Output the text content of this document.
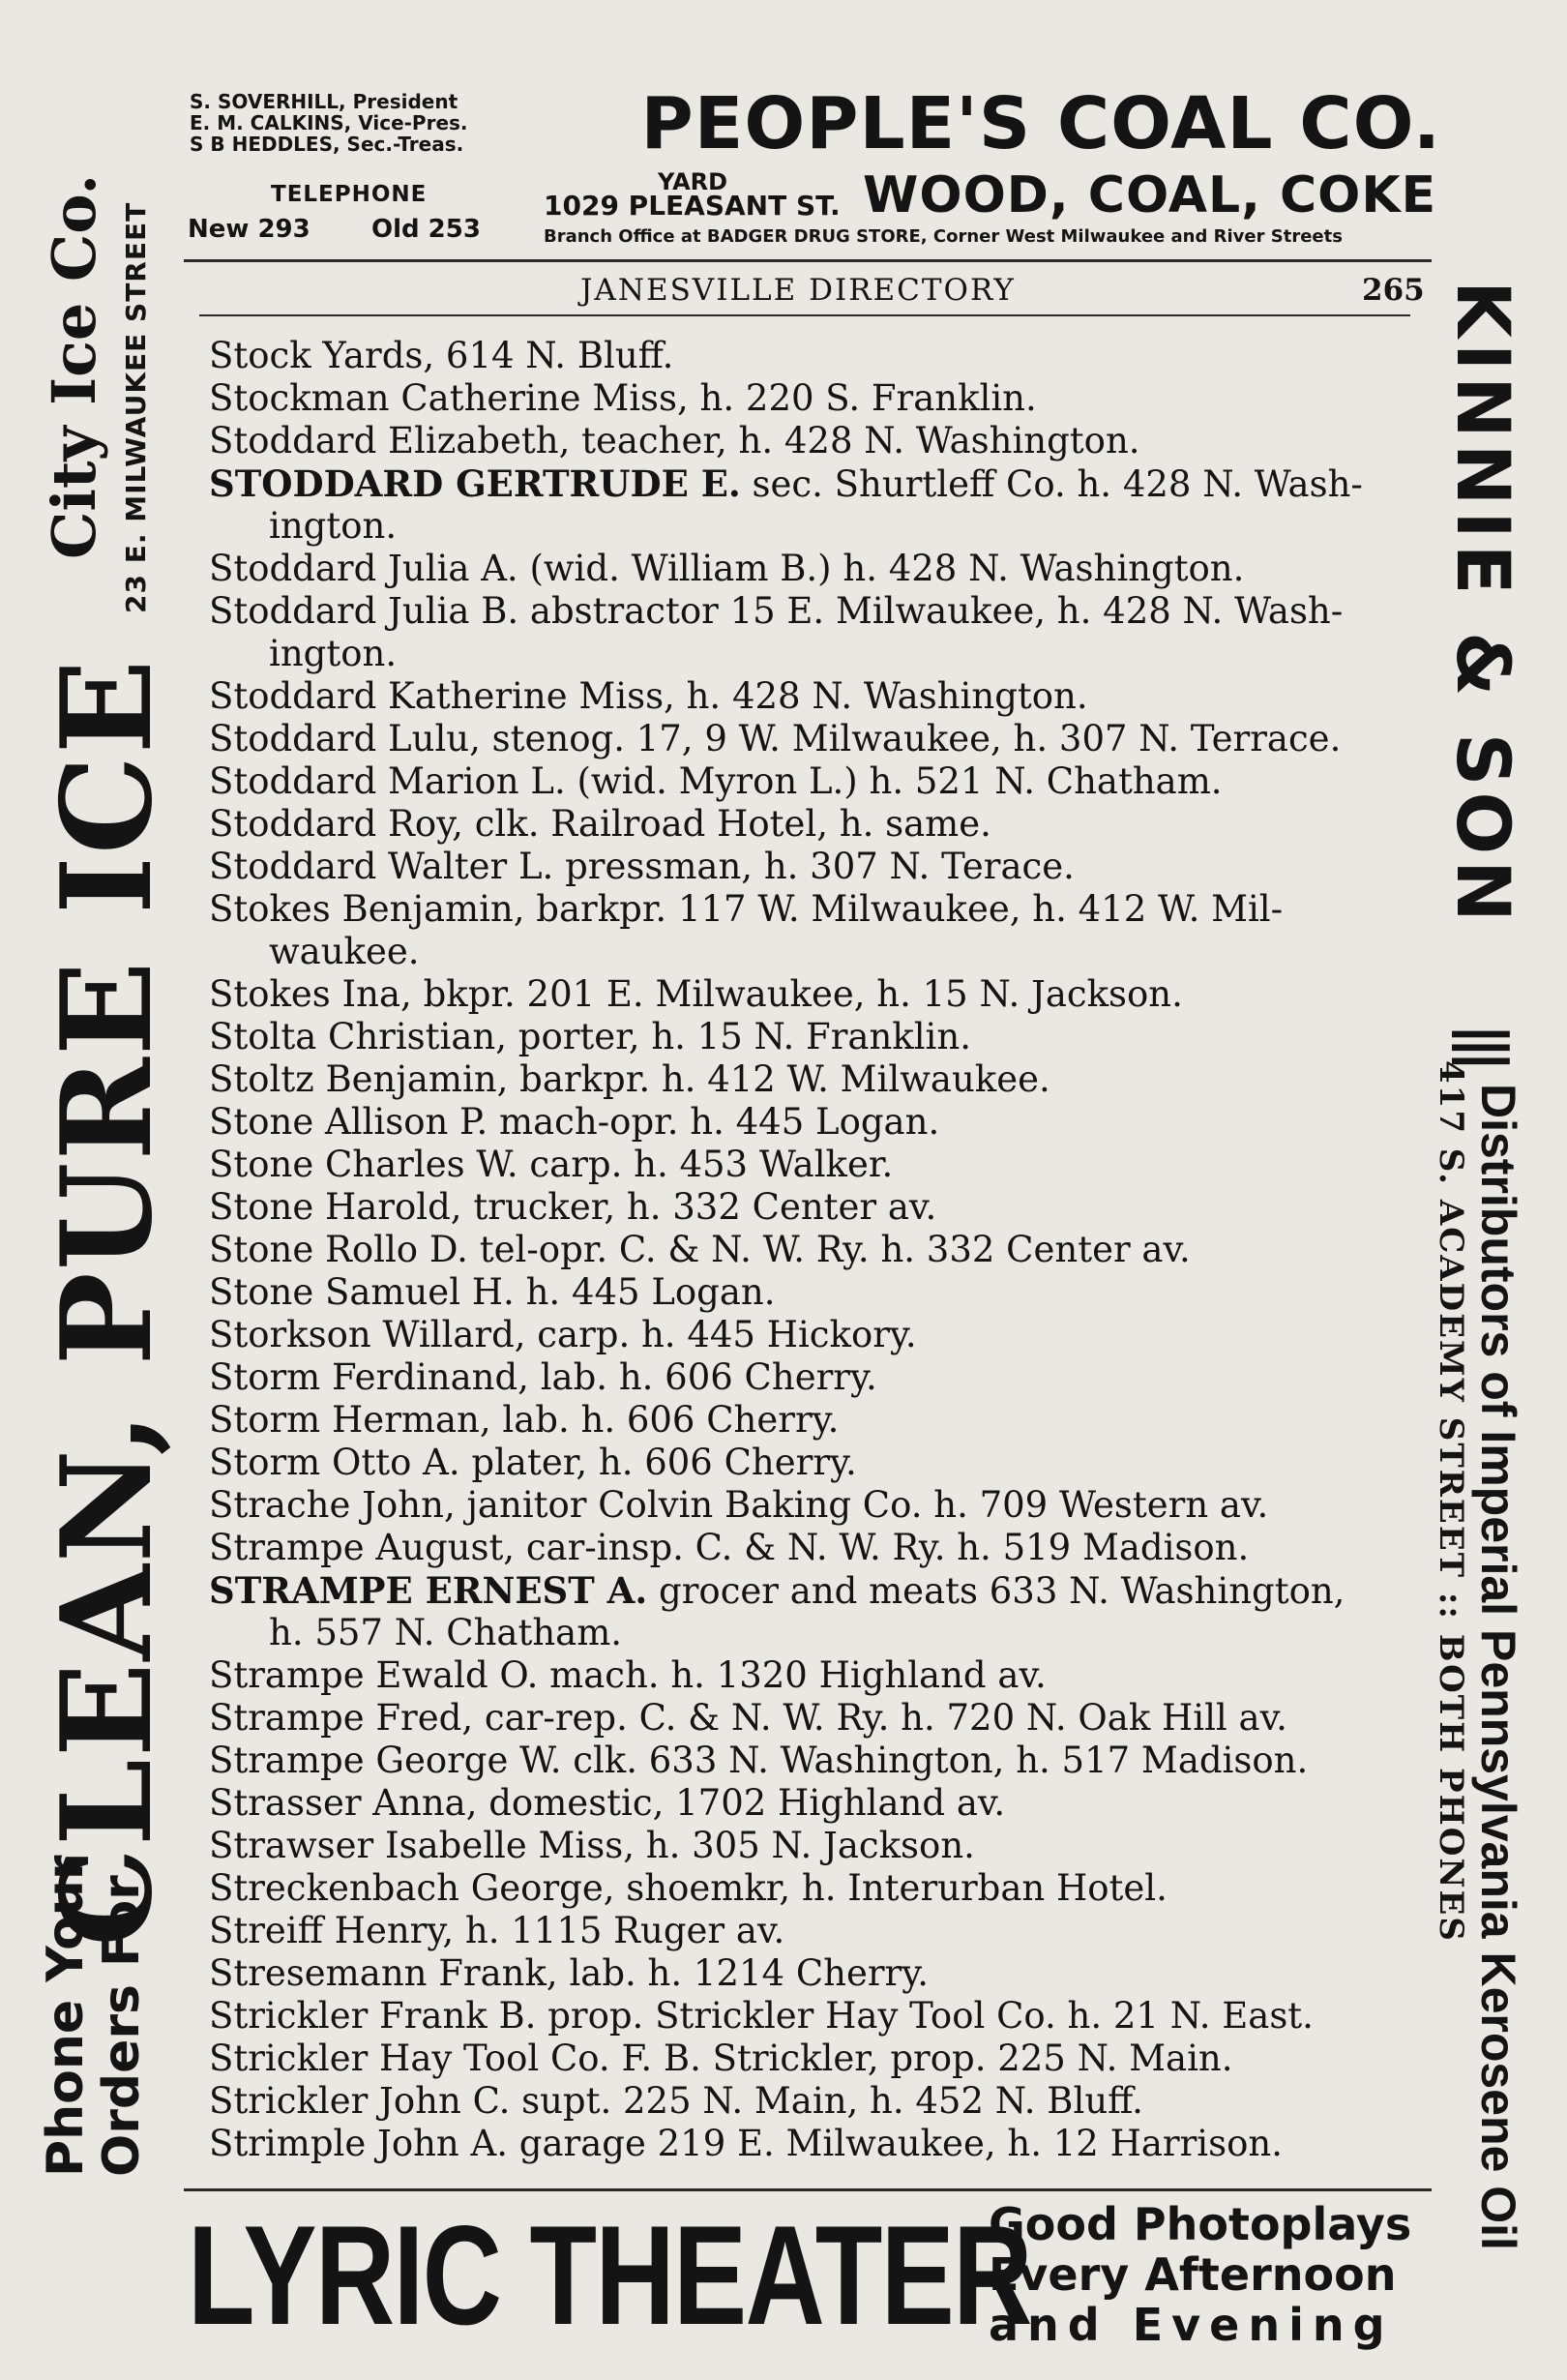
S. SOVERHILL, President
E. M. CALKINS, Vice-Pres.
S B HEDDLES, Sec.-Treas.
TELEPHONE
New 293 Old 253
PEOPLE'S COAL CO.
YARD
1029 PLEASANT ST. WOOD, COAL, COKE
Branch Office at BADGER DRUG STORE, Corner West Milwaukee and River Streets
JANESVILLE DIRECTORY	265
Stock Yards, 614 N. Bluff.
Stockman Catherine Miss, h. 220 S. Franklin.
Stoddard Elizabeth, teacher, h. 428 N. Washington.
STODDARD GERTRUDE E. sec. Shurtleff Co. h. 428 N. Wash-
ington.
Stoddard Julia A. (wid. William B.) h. 428 N. Washington.
Stoddard Julia B. abstractor 15 E. Milwaukee, h. 428 N. Wash-
ington.
Stoddard Katherine Miss, h. 428 N. Washington.
Stoddard Lulu, stenog. 17, 9 W. Milwaukee, h. 307 N. Terrace.
Stoddard Marion L. (wid. Myron L.) h. 521 N. Chatham.
Stoddard Roy, clk. Railroad Hotel, h. same.
Stoddard Walter L. pressman, h. 307 N. Terace.
Stokes Benjamin, barkpr. 117 W. Milwaukee, h. 412 W. Mil-
waukee.
Stokes Ina, bkpr. 201 E. Milwaukee, h. 15 N. Jackson.
Stolta Christian, porter, h. 15 N. Franklin.
Stoltz Benjamin, barkpr. h. 412 W. Milwaukee.
Stone Allison P. mach-opr. h. 445 Logan.
Stone Charles W. carp. h. 453 Walker.
Stone Harold, trucker, h. 332 Center av.
Stone Rollo D. tel-opr. C. & N. W. Ry. h. 332 Center av.
Stone Samuel H. h. 445 Logan.
Storkson Willard, carp. h. 445 Hickory.
Storm Ferdinand, lab. h. 606 Cherry.
Storm Herman, lab. h. 606 Cherry.
Storm Otto A. plater, h. 606 Cherry.
Strache John, janitor Colvin Baking Co. h. 709 Western av.
Strampe August, car-insp. C. & N. W. Ry. h. 519 Madison.
STRAMPE ERNEST A. grocer and meats 633 N. Washington,
h. 557 N. Chatham.
Strampe Ewald O. mach. h. 1320 Highland av.
Strampe Fred, car-rep. C. & N. W. Ry. h. 720 N. Oak Hill av.
Strampe George W. clk. 633 N. Washington, h. 517 Madison.
Strasser Anna, domestic, 1702 Highland av.
Strawser Isabelle Miss, h. 305 N. Jackson.
Streckenbach George, shoemkr, h. Interurban Hotel.
Streiff Henry, h. 1115 Ruger av.
Stresemann Frank, lab. h. 1214 Cherry.
Strickler Frank B. prop. Strickler Hay Tool Co. h. 21 N. East.
Strickler Hay Tool Co. F. B. Strickler, prop. 225 N. Main.
Strickler John C. supt. 225 N. Main, h. 452 N. Bluff.
Strimple John A. garage 219 E. Milwaukee, h. 12 Harrison.
Phone Your
Orders For
CLEAN, PURE ICE
City Ice Co. 23 E. MILWAUKEE STREET	KINNIE & SON
|||
Distributors of Imperial Pennsylvania Kerosene Oil
417 S. ACADEMY STREET :: BOTH PHONES
LYRIC THEATER
Good Photoplays
Every Afternoon
and Evening
